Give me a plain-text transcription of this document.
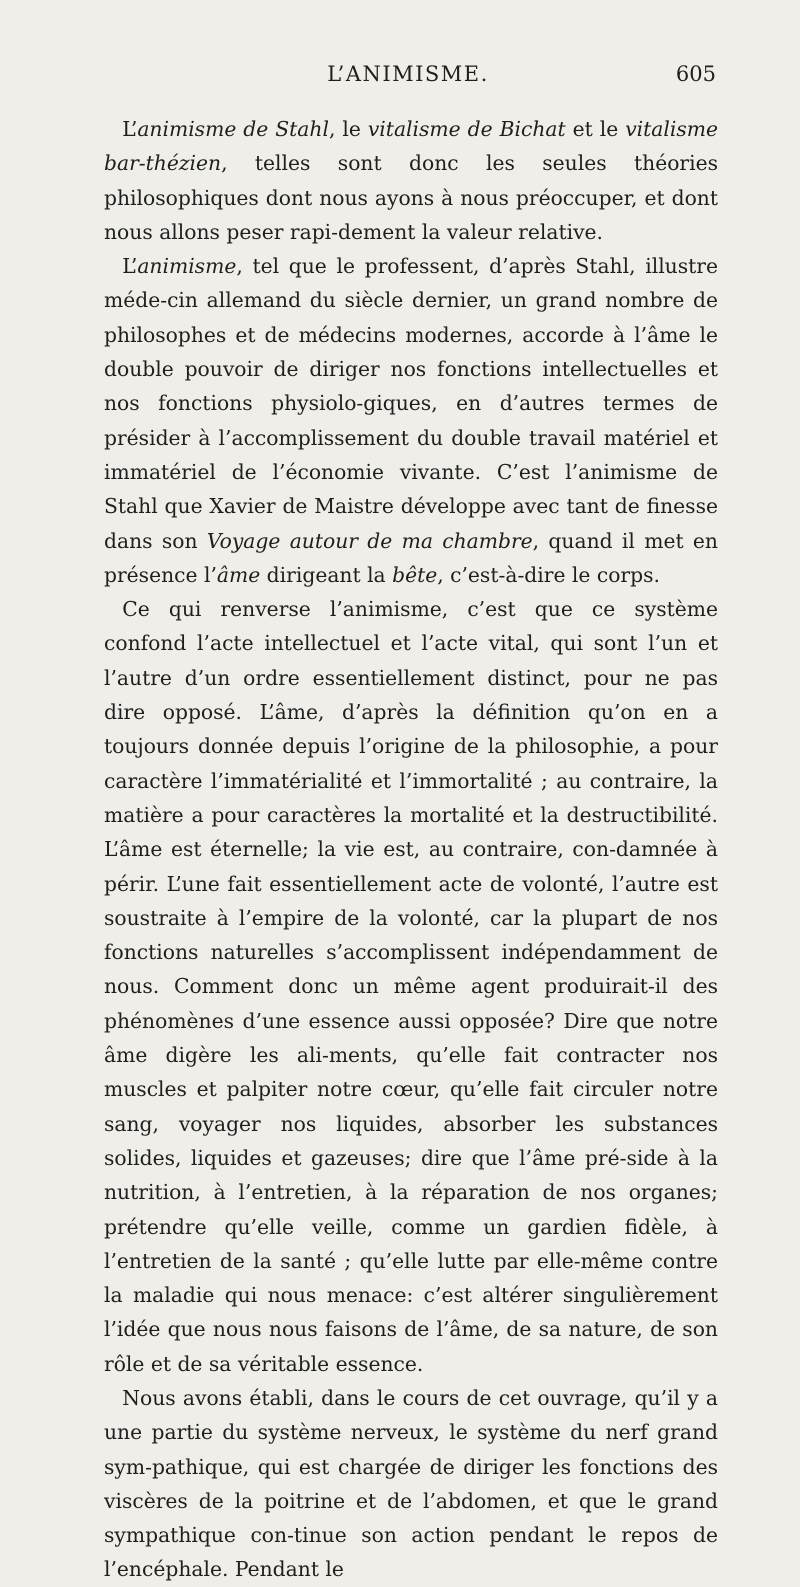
L’ANIMISME.	605

L’animisme de Stahl, le vitalisme de Bichat et le vitalisme bar-thézien, telles sont donc les seules théories philosophiques dont nous ayons à nous préoccuper, et dont nous allons peser rapi-dement la valeur relative.

L’animisme, tel que le professent, d’après Stahl, illustre méde-cin allemand du siècle dernier, un grand nombre de philosophes et de médecins modernes, accorde à l’âme le double pouvoir de diriger nos fonctions intellectuelles et nos fonctions physiolo-giques, en d’autres termes de présider à l’accomplissement du double travail matériel et immatériel de l’économie vivante. C’est l’animisme de Stahl que Xavier de Maistre développe avec tant de finesse dans son Voyage autour de ma chambre, quand il met en présence l’âme dirigeant la bête, c’est-à-dire le corps.

Ce qui renverse l’animisme, c’est que ce système confond l’acte intellectuel et l’acte vital, qui sont l’un et l’autre d’un ordre essentiellement distinct, pour ne pas dire opposé. L’âme, d’après la définition qu’on en a toujours donnée depuis l’origine de la philosophie, a pour caractère l’immatérialité et l’immortalité ; au contraire, la matière a pour caractères la mortalité et la destructibilité. L’âme est éternelle; la vie est, au contraire, con-damnée à périr. L’une fait essentiellement acte de volonté, l’autre est soustraite à l’empire de la volonté, car la plupart de nos fonctions naturelles s’accomplissent indépendamment de nous. Comment donc un même agent produirait-il des phénomènes d’une essence aussi opposée? Dire que notre âme digère les ali-ments, qu’elle fait contracter nos muscles et palpiter notre cœur, qu’elle fait circuler notre sang, voyager nos liquides, absorber les substances solides, liquides et gazeuses; dire que l’âme pré-side à la nutrition, à l’entretien, à la réparation de nos organes; prétendre qu’elle veille, comme un gardien fidèle, à l’entretien de la santé ; qu’elle lutte par elle-même contre la maladie qui nous menace: c’est altérer singulièrement l’idée que nous nous faisons de l’âme, de sa nature, de son rôle et de sa véritable essence.

Nous avons établi, dans le cours de cet ouvrage, qu’il y a une partie du système nerveux, le système du nerf grand sym-pathique, qui est chargée de diriger les fonctions des viscères de la poitrine et de l’abdomen, et que le grand sympathique con-tinue son action pendant le repos de l’encéphale. Pendant le
